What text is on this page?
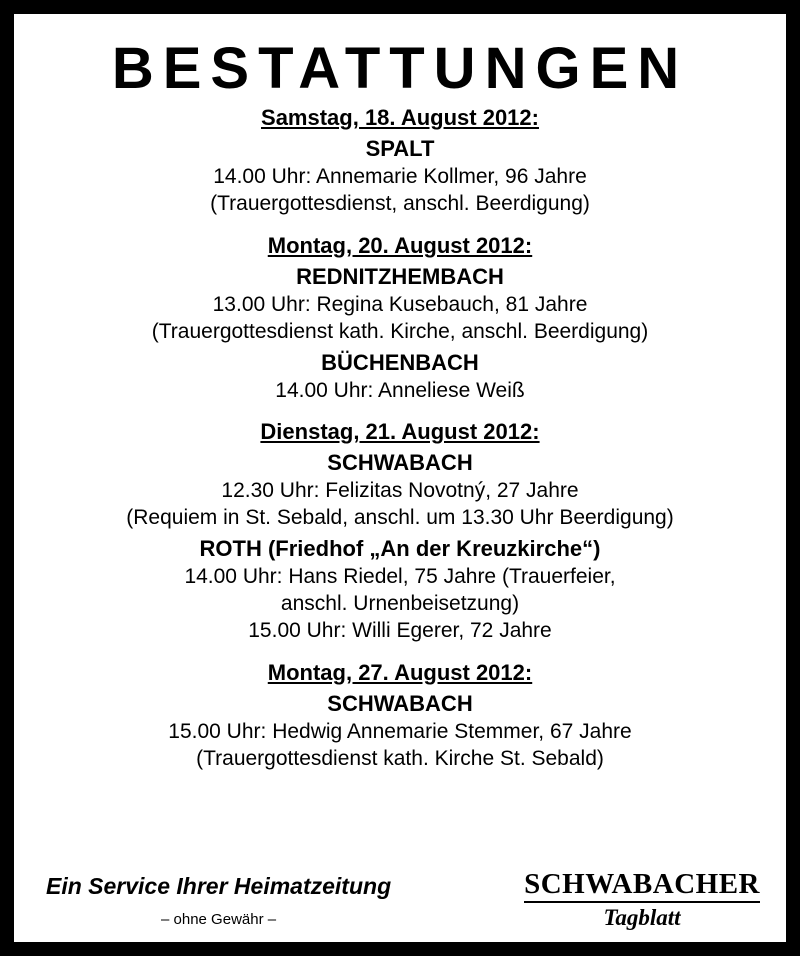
BESTATTUNGEN
Samstag, 18. August 2012:
SPALT
14.00 Uhr: Annemarie Kollmer, 96 Jahre
(Trauergottesdienst, anschl. Beerdigung)
Montag, 20. August 2012:
REDNITZHEMBACH
13.00 Uhr: Regina Kusebauch, 81 Jahre
(Trauergottesdienst kath. Kirche, anschl. Beerdigung)
BÜCHENBACH
14.00 Uhr: Anneliese Weiß
Dienstag, 21. August 2012:
SCHWABACH
12.30 Uhr: Felizitas Novotný, 27 Jahre
(Requiem in St. Sebald, anschl. um 13.30 Uhr Beerdigung)
ROTH (Friedhof „An der Kreuzkirche“)
14.00 Uhr: Hans Riedel, 75 Jahre (Trauerfeier,
anschl. Urnenbeisetzung)
15.00 Uhr: Willi Egerer, 72 Jahre
Montag, 27. August 2012:
SCHWABACH
15.00 Uhr: Hedwig Annemarie Stemmer, 67 Jahre
(Trauergottesdienst kath. Kirche St. Sebald)
Ein Service Ihrer Heimatzeitung
– ohne Gewähr –
SCHWABACHER
Tagblatt
